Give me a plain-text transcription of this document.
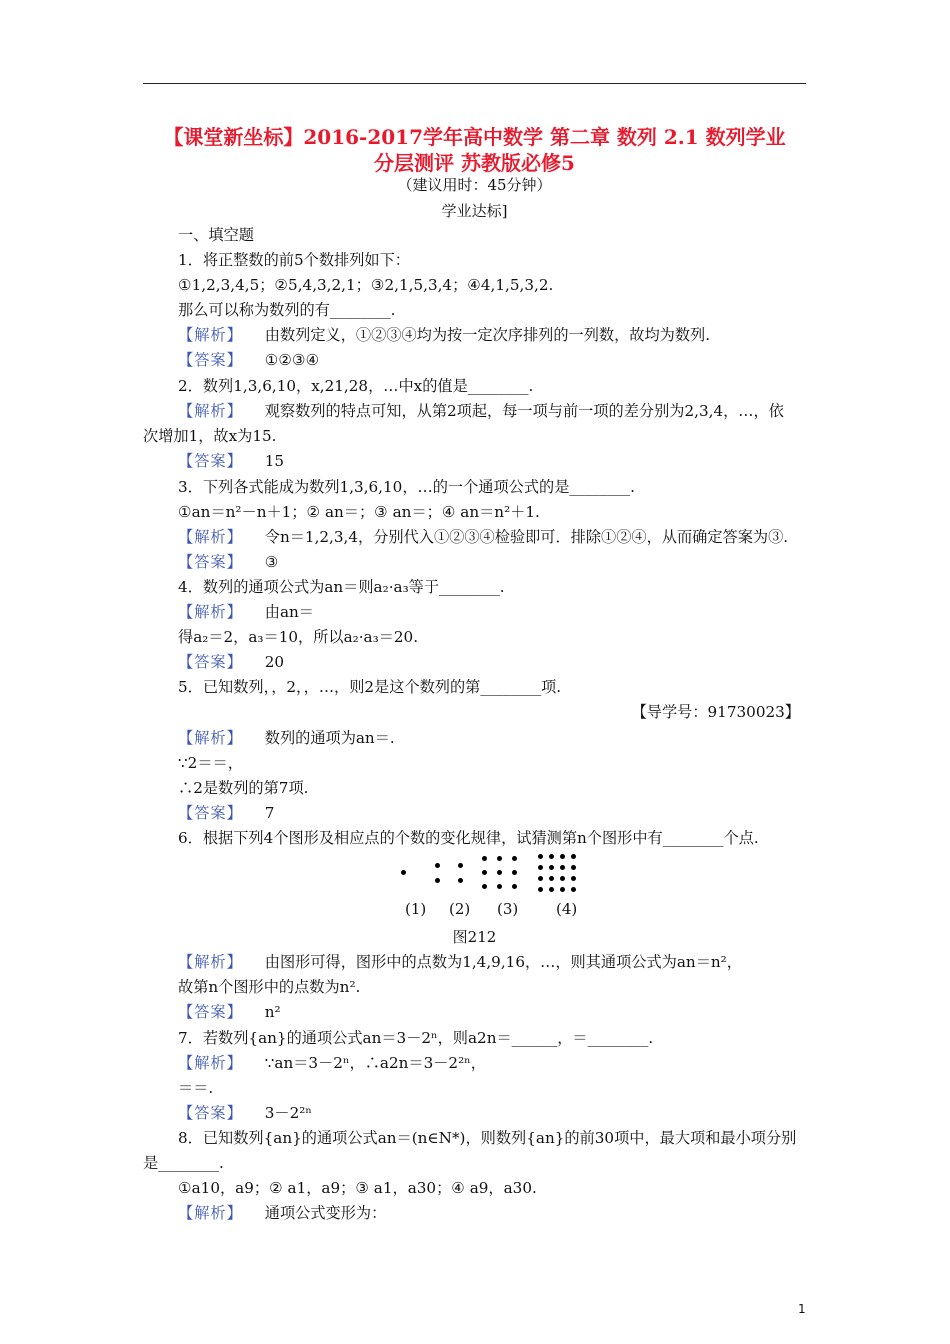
【课堂新坐标】2016-2017学年高中数学 第二章 数列 2.1 数列学业
分层测评 苏教版必修5
（建议用时：45分钟）
学业达标]
一、填空题
1．将正整数的前5个数排列如下：
①1,2,3,4,5；②5,4,3,2,1；③2,1,5,3,4；④4,1,5,3,2.
那么可以称为数列的有________.
【解析】 由数列定义，①②③④均为按一定次序排列的一列数，故均为数列.
【答案】 ①②③④
2．数列1,3,6,10，x,21,28，…中x的值是________.
【解析】 观察数列的特点可知，从第2项起，每一项与前一项的差分别为2,3,4，…，依
次增加1，故x为15.
【答案】 15
3．下列各式能成为数列1,3,6,10，…的一个通项公式的是________.
①an＝n²－n＋1；② an＝；③ an＝；④ an＝n²＋1.
【解析】 令n＝1,2,3,4，分别代入①②③④检验即可．排除①②④，从而确定答案为③.
【答案】 ③
4．数列的通项公式为an＝则a₂·a₃等于________.
【解析】 由an＝
得a₂＝2，a₃＝10，所以a₂·a₃＝20.
【答案】 20
5．已知数列，，2，，…，则2是这个数列的第________项.
【导学号：91730023】
【解析】 数列的通项为an＝.
∵2＝＝，
∴2是数列的第7项.
【答案】 7
6．根据下列4个图形及相应点的个数的变化规律，试猜测第n个图形中有________个点.
(1) (2) (3)	(4)
图212
【解析】 由图形可得，图形中的点数为1,4,9,16，…，则其通项公式为an＝n²，
故第n个图形中的点数为n².
【答案】 n²
7．若数列{an}的通项公式an＝3－2ⁿ，则a2n＝______，＝________.
【解析】 ∵an＝3－2ⁿ，∴a2n＝3－2²ⁿ，
＝＝.
【答案】 3－2²ⁿ
8．已知数列{an}的通项公式an＝(n∈N*)，则数列{an}的前30项中，最大项和最小项分别
是________.
①a10，a9；② a1，a9；③ a1，a30；④ a9，a30.
【解析】 通项公式变形为：
1
